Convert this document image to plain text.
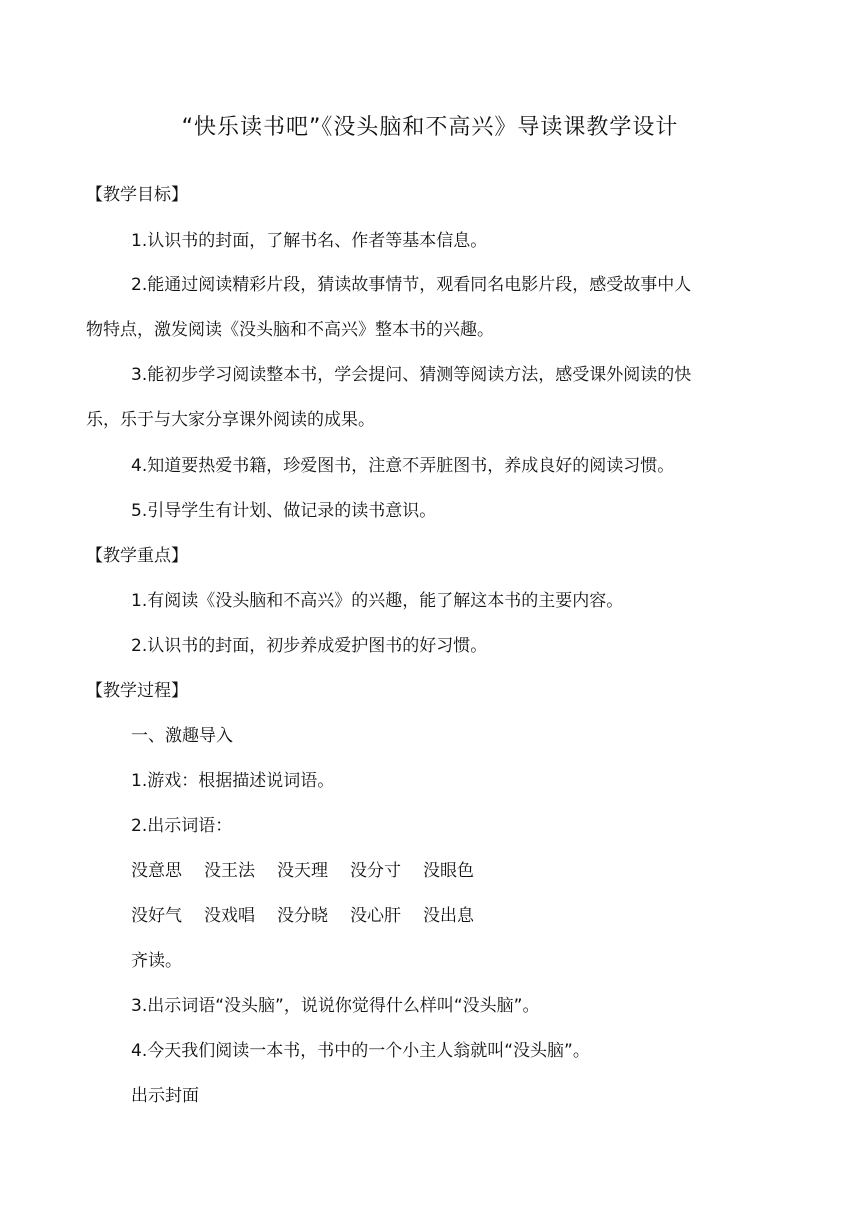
“快乐读书吧”《没头脑和不高兴》导读课教学设计
【教学目标】
1.认识书的封面，了解书名、作者等基本信息。
2.能通过阅读精彩片段，猜读故事情节，观看同名电影片段，感受故事中人
物特点，激发阅读《没头脑和不高兴》整本书的兴趣。
3.能初步学习阅读整本书，学会提问、猜测等阅读方法，感受课外阅读的快
乐，乐于与大家分享课外阅读的成果。
4.知道要热爱书籍，珍爱图书，注意不弄脏图书，养成良好的阅读习惯。
5.引导学生有计划、做记录的读书意识。
【教学重点】
1.有阅读《没头脑和不高兴》的兴趣，能了解这本书的主要内容。
2.认识书的封面，初步养成爱护图书的好习惯。
【教学过程】
一、激趣导入
1.游戏：根据描述说词语。
2.出示词语：
没意思 没王法 没天理 没分寸 没眼色
没好气 没戏唱 没分晓 没心肝 没出息
齐读。
3.出示词语“没头脑”，说说你觉得什么样叫“没头脑”。
4.今天我们阅读一本书，书中的一个小主人翁就叫“没头脑”。
出示封面
